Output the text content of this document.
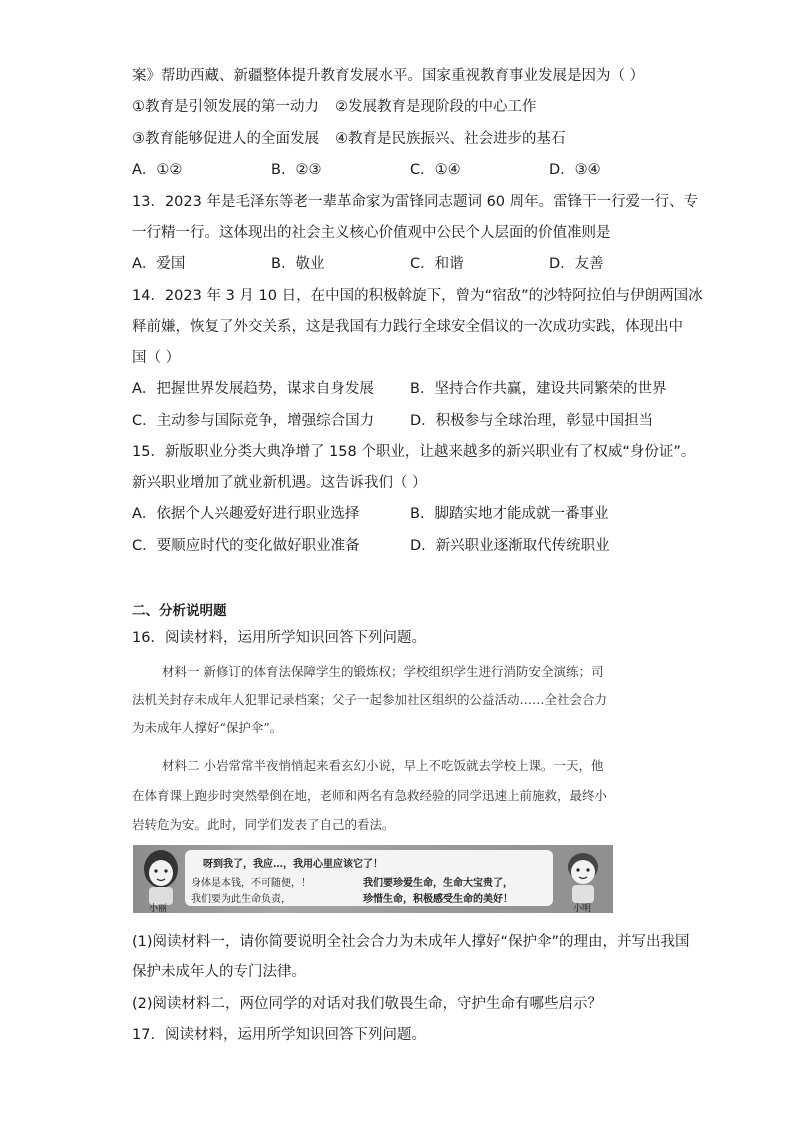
案》帮助西藏、新疆整体提升教育发展水平。国家重视教育事业发展是因为（ ）
①教育是引领发展的第一动力 ②发展教育是现阶段的中心工作
③教育能够促进人的全面发展 ④教育是民族振兴、社会进步的基石
A．①②	B．②③	C．①④	D．③④
13．2023 年是毛泽东等老一辈革命家为雷锋同志题词 60 周年。雷锋干一行爱一行、专
一行精一行。这体现出的社会主义核心价值观中公民个人层面的价值准则是
A．爱国	B．敬业	C．和谐	D．友善
14．2023 年 3 月 10 日，在中国的积极斡旋下，曾为“宿敌”的沙特阿拉伯与伊朗两国冰
释前嫌，恢复了外交关系，这是我国有力践行全球安全倡议的一次成功实践，体现出中
国（ ）
A．把握世界发展趋势，谋求自身发展 B．坚持合作共赢，建设共同繁荣的世界
C．主动参与国际竞争，增强综合国力 D．积极参与全球治理，彰显中国担当
15．新版职业分类大典净增了 158 个职业，让越来越多的新兴职业有了权威“身份证”。
新兴职业增加了就业新机遇。这告诉我们（ ）
A．依据个人兴趣爱好进行职业选择	B．脚踏实地才能成就一番事业
C．要顺应时代的变化做好职业准备	D．新兴职业逐渐取代传统职业
二、分析说明题
16．阅读材料，运用所学知识回答下列问题。
材料一 新修订的体育法保障学生的锻炼权；学校组织学生进行消防安全演练；司
法机关封存未成年人犯罪记录档案；父子一起参加社区组织的公益活动……全社会合力
为未成年人撑好“保护伞”。
材料二 小岩常常半夜悄悄起来看玄幻小说，早上不吃饭就去学校上课。一天，他
在体育课上跑步时突然晕倒在地，老师和两名有急救经验的同学迅速上前施救，最终小
岩转危为安。此时，同学们发表了自己的看法。
小丽
呀到我了，我应…，我用心里应该它了！
身体是本钱，不可随便，！	我们要珍爱生命，生命大宝贵了，
我们要为此生命负责，	珍惜生命，积极感受生命的美好！
小明
(1)阅读材料一，请你简要说明全社会合力为未成年人撑好“保护伞”的理由，并写出我国
保护未成年人的专门法律。
(2)阅读材料二，两位同学的对话对我们敬畏生命，守护生命有哪些启示？
17．阅读材料，运用所学知识回答下列问题。
